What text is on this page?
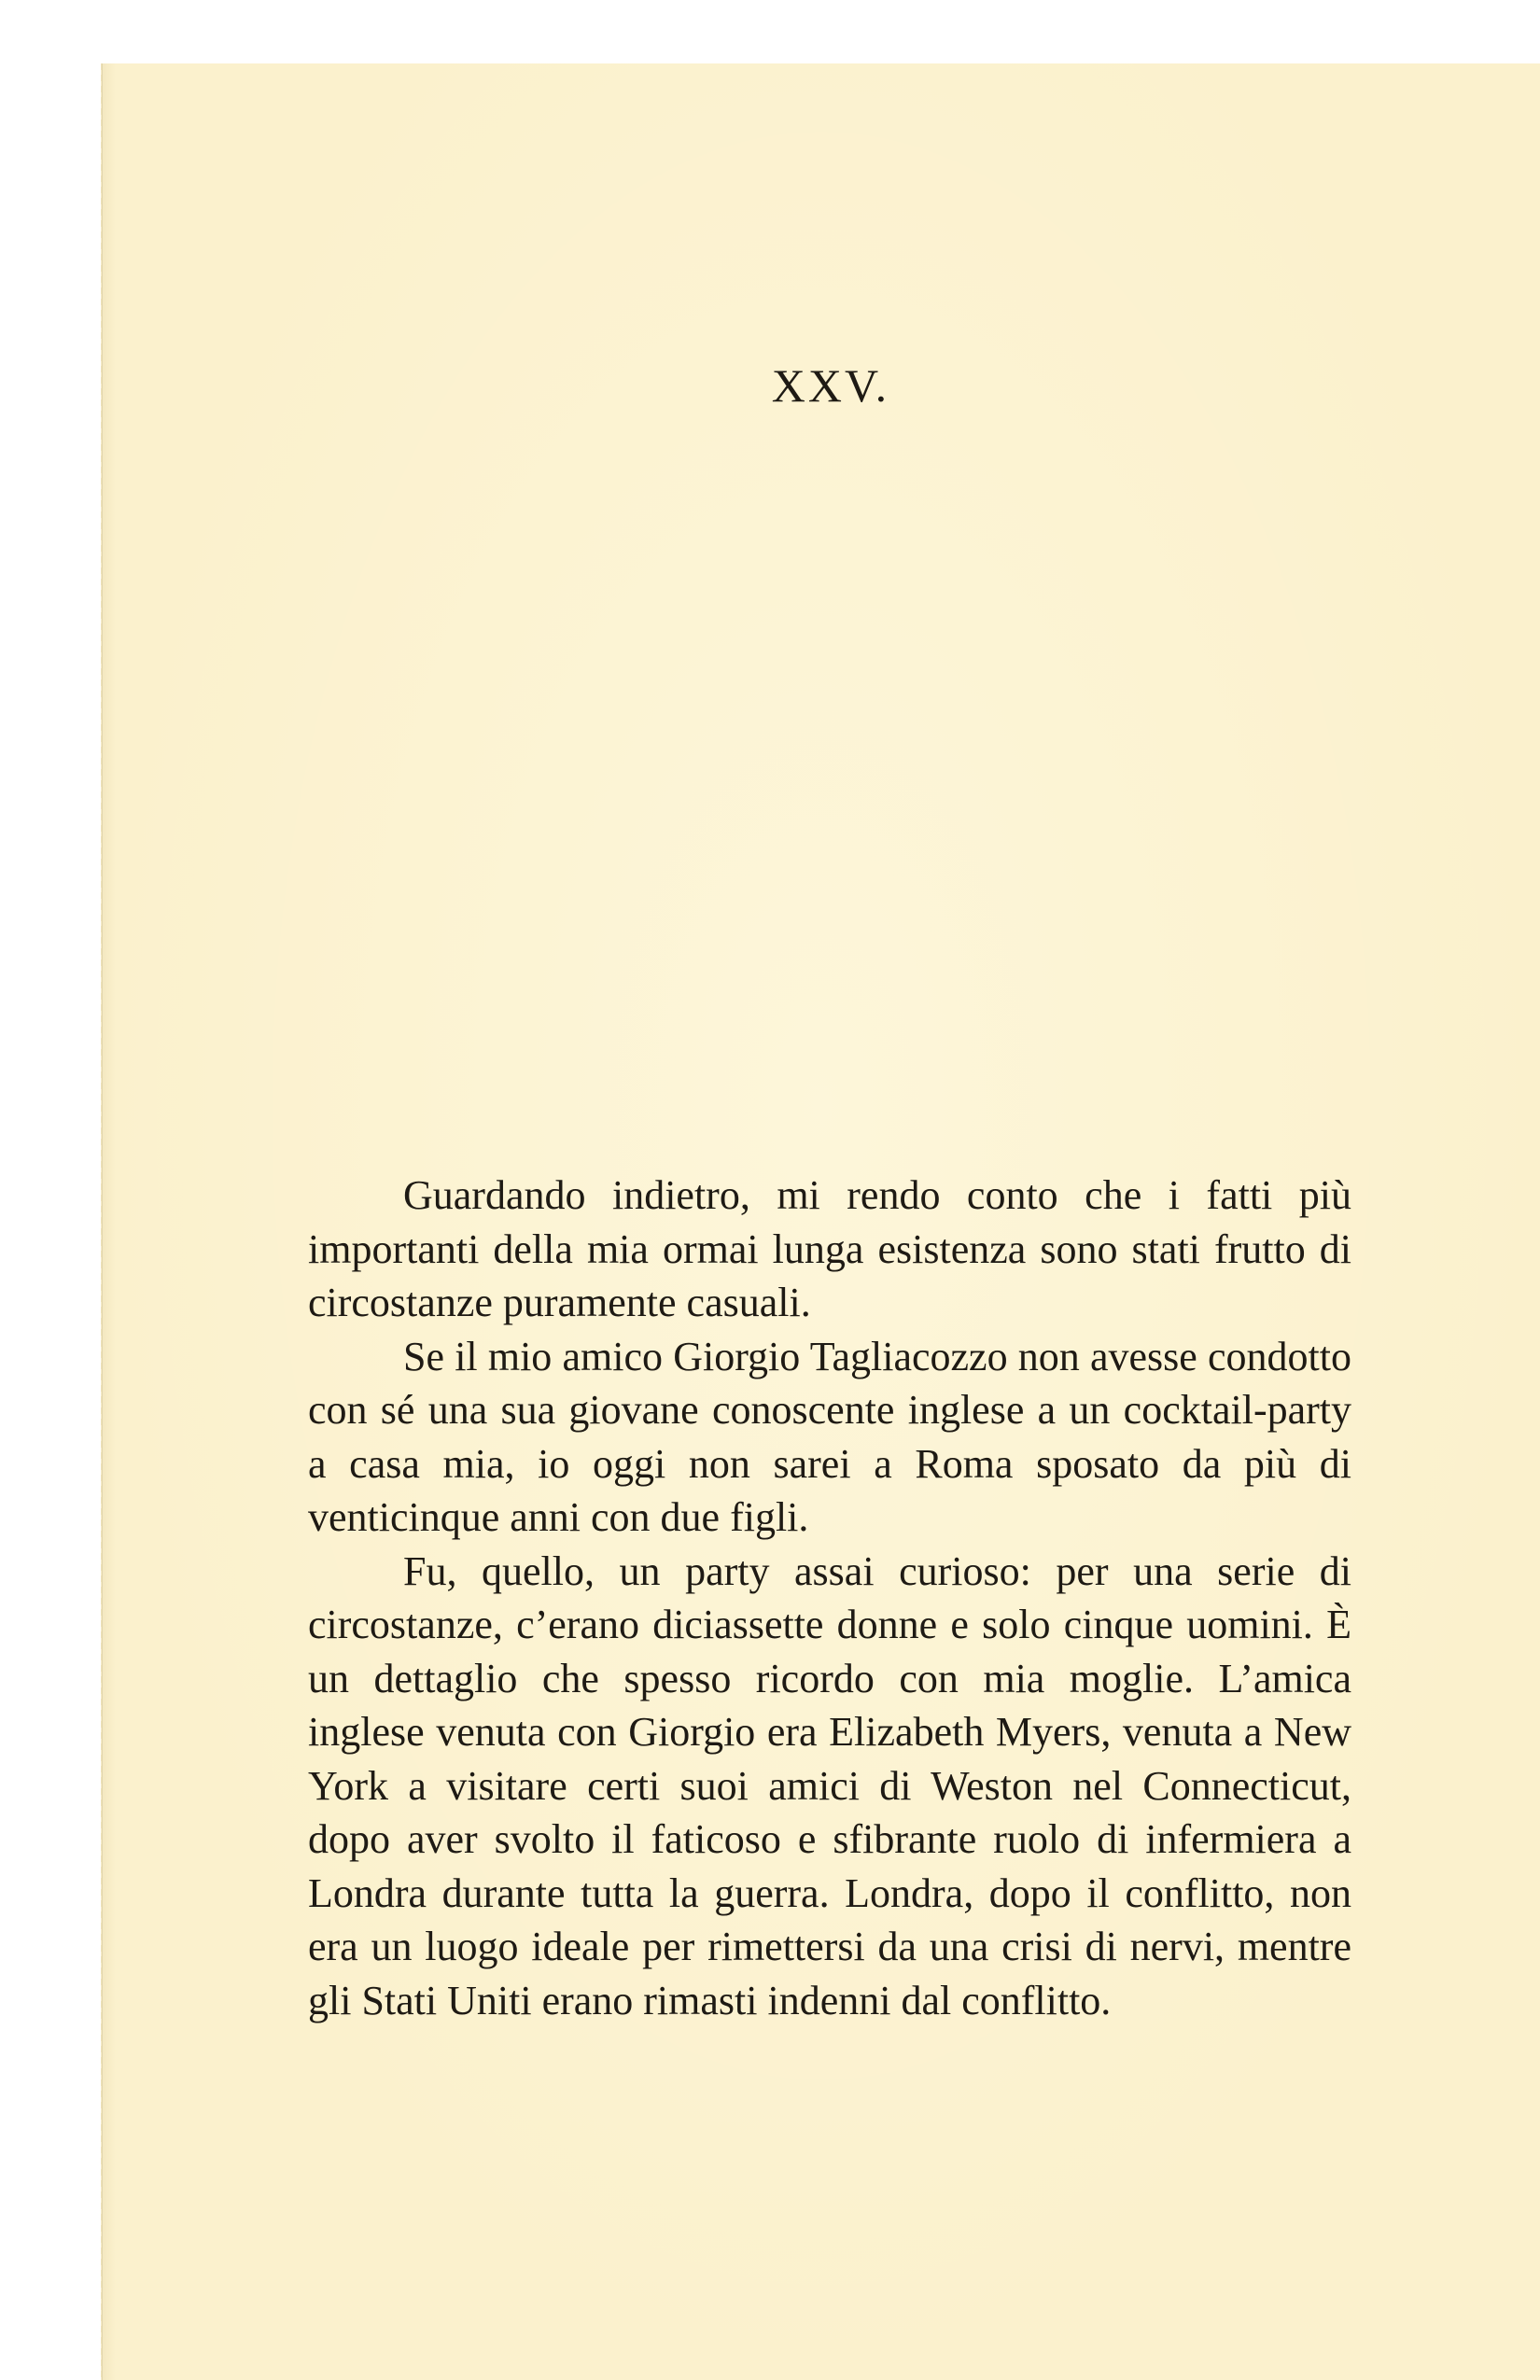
XXV.

Guardando indietro, mi rendo conto che i fatti più importanti della mia ormai lunga esistenza sono stati frutto di circostanze puramente casuali.

Se il mio amico Giorgio Tagliacozzo non avesse condotto con sé una sua giovane conoscente inglese a un cocktail-party a casa mia, io oggi non sarei a Roma sposato da più di venticinque anni con due figli.

Fu, quello, un party assai curioso: per una serie di circostanze, c’erano diciassette donne e solo cinque uomini. È un dettaglio che spesso ricordo con mia moglie. L’amica inglese venuta con Giorgio era Elizabeth Myers, venuta a New York a visitare certi suoi amici di Weston nel Connecticut, dopo aver svolto il faticoso e sfibrante ruolo di infermiera a Londra durante tutta la guerra. Londra, dopo il conflitto, non era un luogo ideale per rimettersi da una crisi di nervi, mentre gli Stati Uniti erano rimasti indenni dal conflitto.
